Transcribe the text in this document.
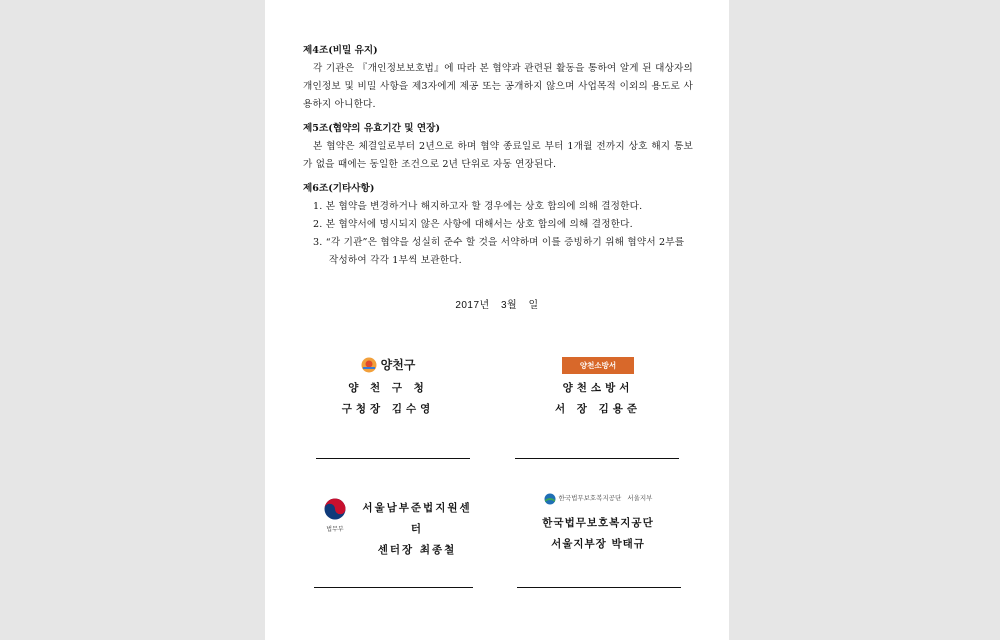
제4조(비밀 유지)
각 기관은 『개인정보보호법』에 따라 본 협약과 관련된 활동을 통하여 알게 된 대상자의 개인정보 및 비밀 사항을 제3자에게 제공 또는 공개하지 않으며 사업목적 이외의 용도로 사용하지 아니한다.
제5조(협약의 유효기간 및 연장)
본 협약은 체결일로부터 2년으로 하며 협약 종료일로 부터 1개월 전까지 상호 해지 통보가 없을 때에는 동일한 조건으로 2년 단위로 자동 연장된다.
제6조(기타사항)
1. 본 협약을 변경하거나 해지하고자 할 경우에는 상호 합의에 의해 결정한다.
2. 본 협약서에 명시되지 않은 사항에 대해서는 상호 합의에 의해 결정한다.
3. “각 기관”은 협약을 성실히 준수 할 것을 서약하며 이를 증빙하기 위해 협약서 2부를 작성하여 각각 1부씩 보관한다.
2017년 3월 일
양천구
양 천 구 청
구청장 김수영
양천소방서
양천소방서
서 장 김용준
법무부
서울남부준법지원센터
센터장 최종철
한국법무보호복지공단 서울지부
한국법무보호복지공단
서울지부장 박태규
